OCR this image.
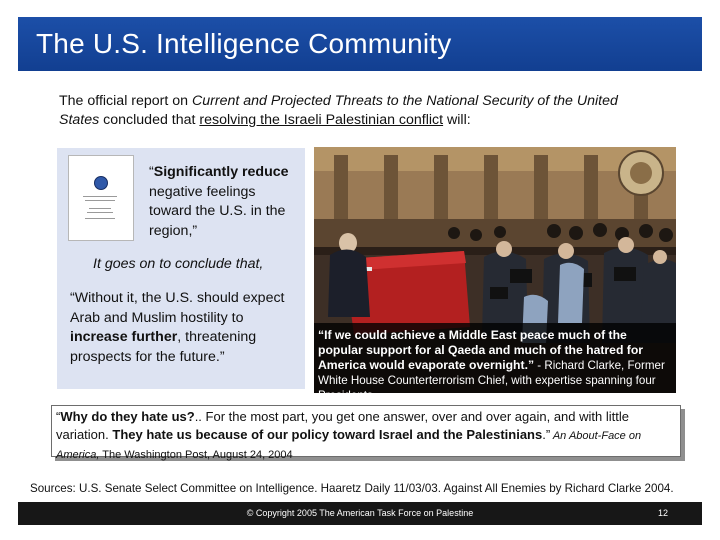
The U.S. Intelligence Community
The official report on Current and Projected Threats to the National Security of the United States concluded that resolving the Israeli Palestinian conflict will:
“Significantly reduce negative feelings toward the U.S. in the region,”
It goes on to conclude that,
“Without it, the U.S. should expect Arab and Muslim hostility to increase further, threatening prospects for the future.”
“If we could achieve a Middle East peace much of the popular support for al Qaeda and much of the hatred for America would evaporate overnight.” - Richard Clarke, Former White House Counterterrorism Chief, with expertise spanning four Presidents
“Why do they hate us?.. For the most part, you get one answer, over and over again, and with little variation. They hate us because of our policy toward Israel and the Palestinians.” An About-Face on America, The Washington Post, August 24, 2004
Sources: U.S. Senate Select Committee on Intelligence. Haaretz Daily 11/03/03. Against All Enemies by Richard Clarke 2004.
© Copyright 2005 The American Task Force on Palestine	12
